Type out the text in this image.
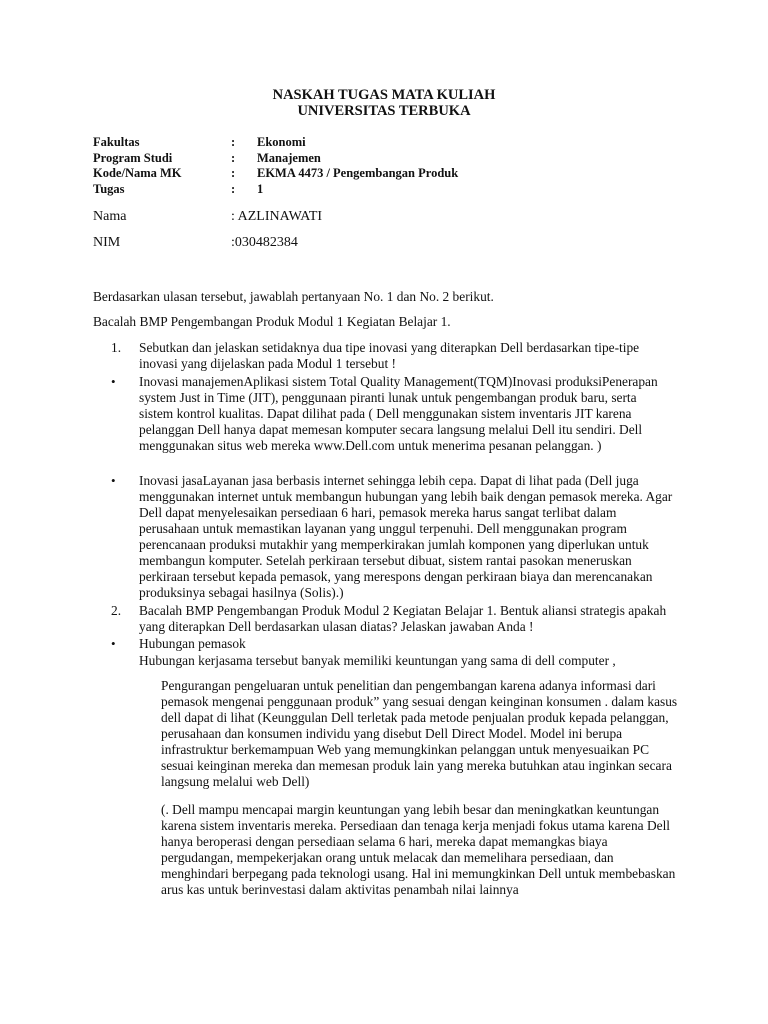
NASKAH TUGAS MATA KULIAH
UNIVERSITAS TERBUKA
Fakultas	:	Ekonomi
Program Studi	:	Manajemen
Kode/Nama MK	:	EKMA 4473 / Pengembangan Produk
Tugas	:	1
Nama	: AZLINAWATI
NIM	:030482384
Berdasarkan ulasan tersebut, jawablah pertanyaan No. 1 dan No. 2 berikut.
Bacalah BMP Pengembangan Produk Modul 1 Kegiatan Belajar 1.
1. Sebutkan dan jelaskan setidaknya dua tipe inovasi yang diterapkan Dell berdasarkan tipe-tipe inovasi yang dijelaskan pada Modul 1 tersebut !
• Inovasi manajemenAplikasi sistem Total Quality Management(TQM)Inovasi produksiPenerapan system Just in Time (JIT), penggunaan piranti lunak untuk pengembangan produk baru, serta sistem kontrol kualitas. Dapat dilihat pada ( Dell menggunakan sistem inventaris JIT karena pelanggan Dell hanya dapat memesan komputer secara langsung melalui Dell itu sendiri. Dell menggunakan situs web mereka www.Dell.com untuk menerima pesanan pelanggan. )
• Inovasi jasaLayanan jasa berbasis internet sehingga lebih cepa. Dapat di lihat pada (Dell juga menggunakan internet untuk membangun hubungan yang lebih baik dengan pemasok mereka. Agar Dell dapat menyelesaikan persediaan 6 hari, pemasok mereka harus sangat terlibat dalam perusahaan untuk memastikan layanan yang unggul terpenuhi. Dell menggunakan program perencanaan produksi mutakhir yang memperkirakan jumlah komponen yang diperlukan untuk membangun komputer. Setelah perkiraan tersebut dibuat, sistem rantai pasokan meneruskan perkiraan tersebut kepada pemasok, yang merespons dengan perkiraan biaya dan merencanakan produksinya sebagai hasilnya (Solis).)
2. Bacalah BMP Pengembangan Produk Modul 2 Kegiatan Belajar 1. Bentuk aliansi strategis apakah yang diterapkan Dell berdasarkan ulasan diatas? Jelaskan jawaban Anda !
• Hubungan pemasok
Hubungan kerjasama tersebut banyak memiliki keuntungan yang sama di dell computer ,
Pengurangan pengeluaran untuk penelitian dan pengembangan karena adanya informasi dari pemasok mengenai penggunaan produk” yang sesuai dengan keinginan konsumen . dalam kasus dell dapat di lihat (Keunggulan Dell terletak pada metode penjualan produk kepada pelanggan, perusahaan dan konsumen individu yang disebut Dell Direct Model. Model ini berupa infrastruktur berkemampuan Web yang memungkinkan pelanggan untuk menyesuaikan PC sesuai keinginan mereka dan memesan produk lain yang mereka butuhkan atau inginkan secara langsung melalui web Dell)
(. Dell mampu mencapai margin keuntungan yang lebih besar dan meningkatkan keuntungan karena sistem inventaris mereka. Persediaan dan tenaga kerja menjadi fokus utama karena Dell hanya beroperasi dengan persediaan selama 6 hari, mereka dapat memangkas biaya pergudangan, mempekerjakan orang untuk melacak dan memelihara persediaan, dan menghindari berpegang pada teknologi usang. Hal ini memungkinkan Dell untuk membebaskan arus kas untuk berinvestasi dalam aktivitas penambah nilai lainnya
